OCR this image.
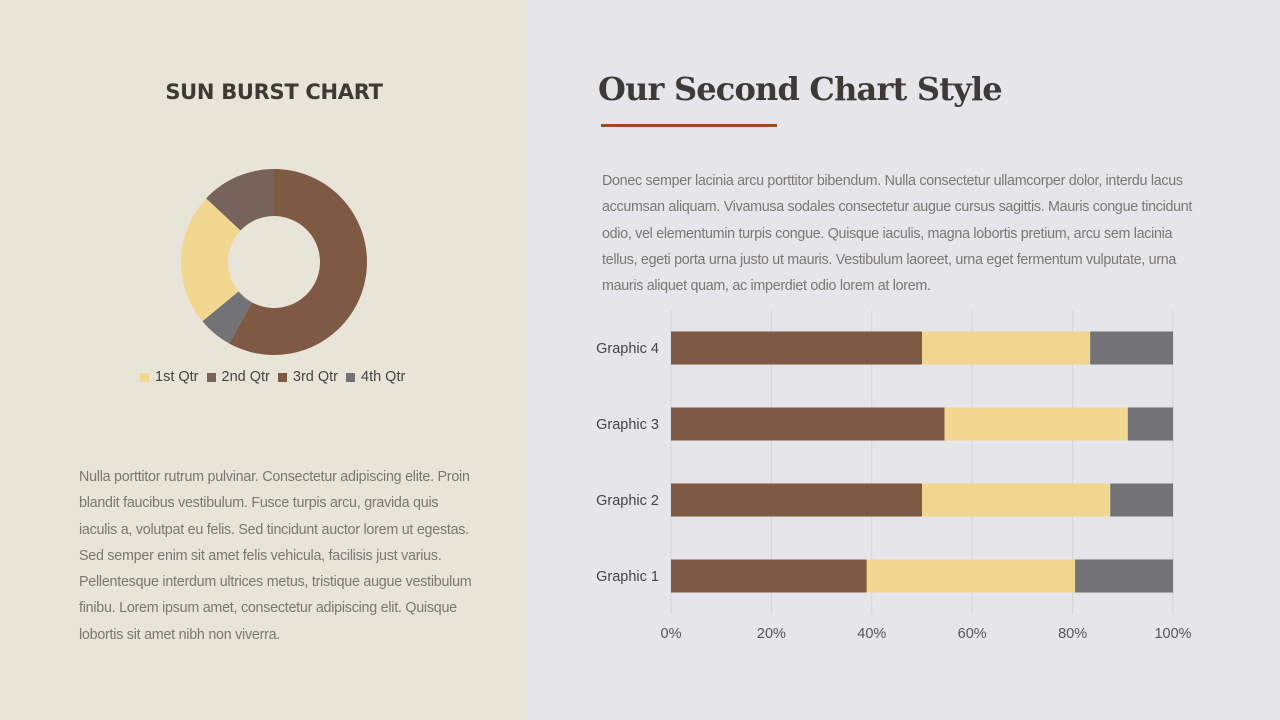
SUN BURST CHART
1st Qtr 2nd Qtr 3rd Qtr 4th Qtr
Nulla porttitor rutrum pulvinar. Consectetur adipiscing elite. Proin blandit faucibus vestibulum. Fusce turpis arcu, gravida quis iaculis a, volutpat eu felis. Sed tincidunt auctor lorem ut egestas. Sed semper enim sit amet felis vehicula, facilisis just varius. Pellentesque interdum ultrices metus, tristique augue vestibulum finibu. Lorem ipsum amet, consectetur adipiscing elit. Quisque lobortis sit amet nibh non viverra.
Our Second Chart Style
Donec semper lacinia arcu porttitor bibendum. Nulla consectetur ullamcorper dolor, interdu lacus accumsan aliquam. Vivamusa sodales consectetur augue cursus sagittis. Mauris congue tincidunt odio, vel elementumin turpis congue. Quisque iaculis, magna lobortis pretium, arcu sem lacinia tellus, egeti porta urna justo ut mauris. Vestibulum laoreet, urna eget fermentum vulputate, urna mauris aliquet quam, ac imperdiet odio lorem at lorem.
0%	20%	40%	60%	80%	100%
Graphic 1
Graphic 2
Graphic 3
Graphic 4
